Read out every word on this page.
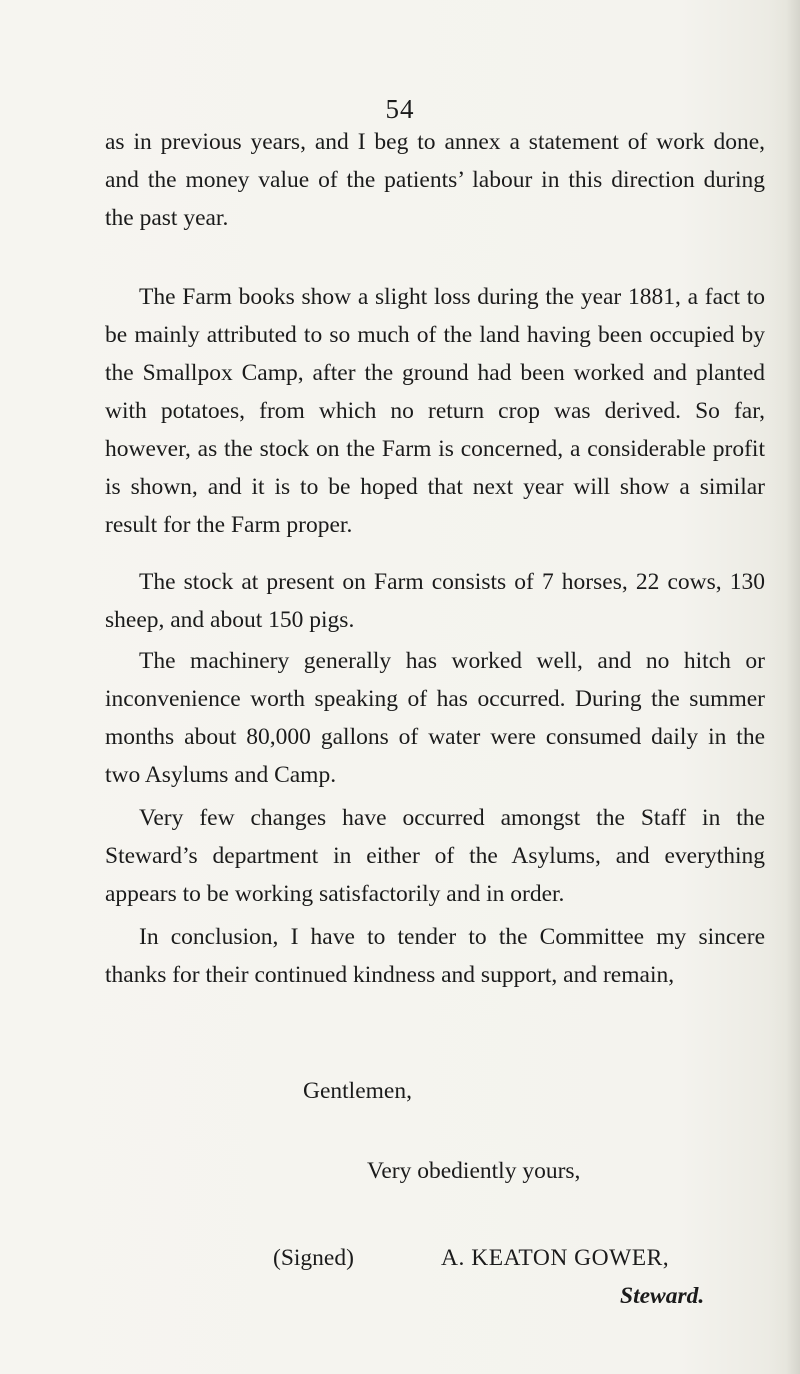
54

as in previous years, and I beg to annex a statement of work done, and the money value of the patients’ labour in this direction during the past year.

The Farm books show a slight loss during the year 1881, a fact to be mainly attributed to so much of the land having been occupied by the Smallpox Camp, after the ground had been worked and planted with potatoes, from which no return crop was derived. So far, however, as the stock on the Farm is concerned, a considerable profit is shown, and it is to be hoped that next year will show a similar result for the Farm proper.

The stock at present on Farm consists of 7 horses, 22 cows, 130 sheep, and about 150 pigs.

The machinery generally has worked well, and no hitch or inconvenience worth speaking of has occurred. During the summer months about 80,000 gallons of water were consumed daily in the two Asylums and Camp.

Very few changes have occurred amongst the Staff in the Steward’s department in either of the Asylums, and everything appears to be working satisfactorily and in order.

In conclusion, I have to tender to the Committee my sincere thanks for their continued kindness and support, and remain,

Gentlemen,
Very obediently yours,
(Signed)	A. KEATON GOWER,
Steward.
